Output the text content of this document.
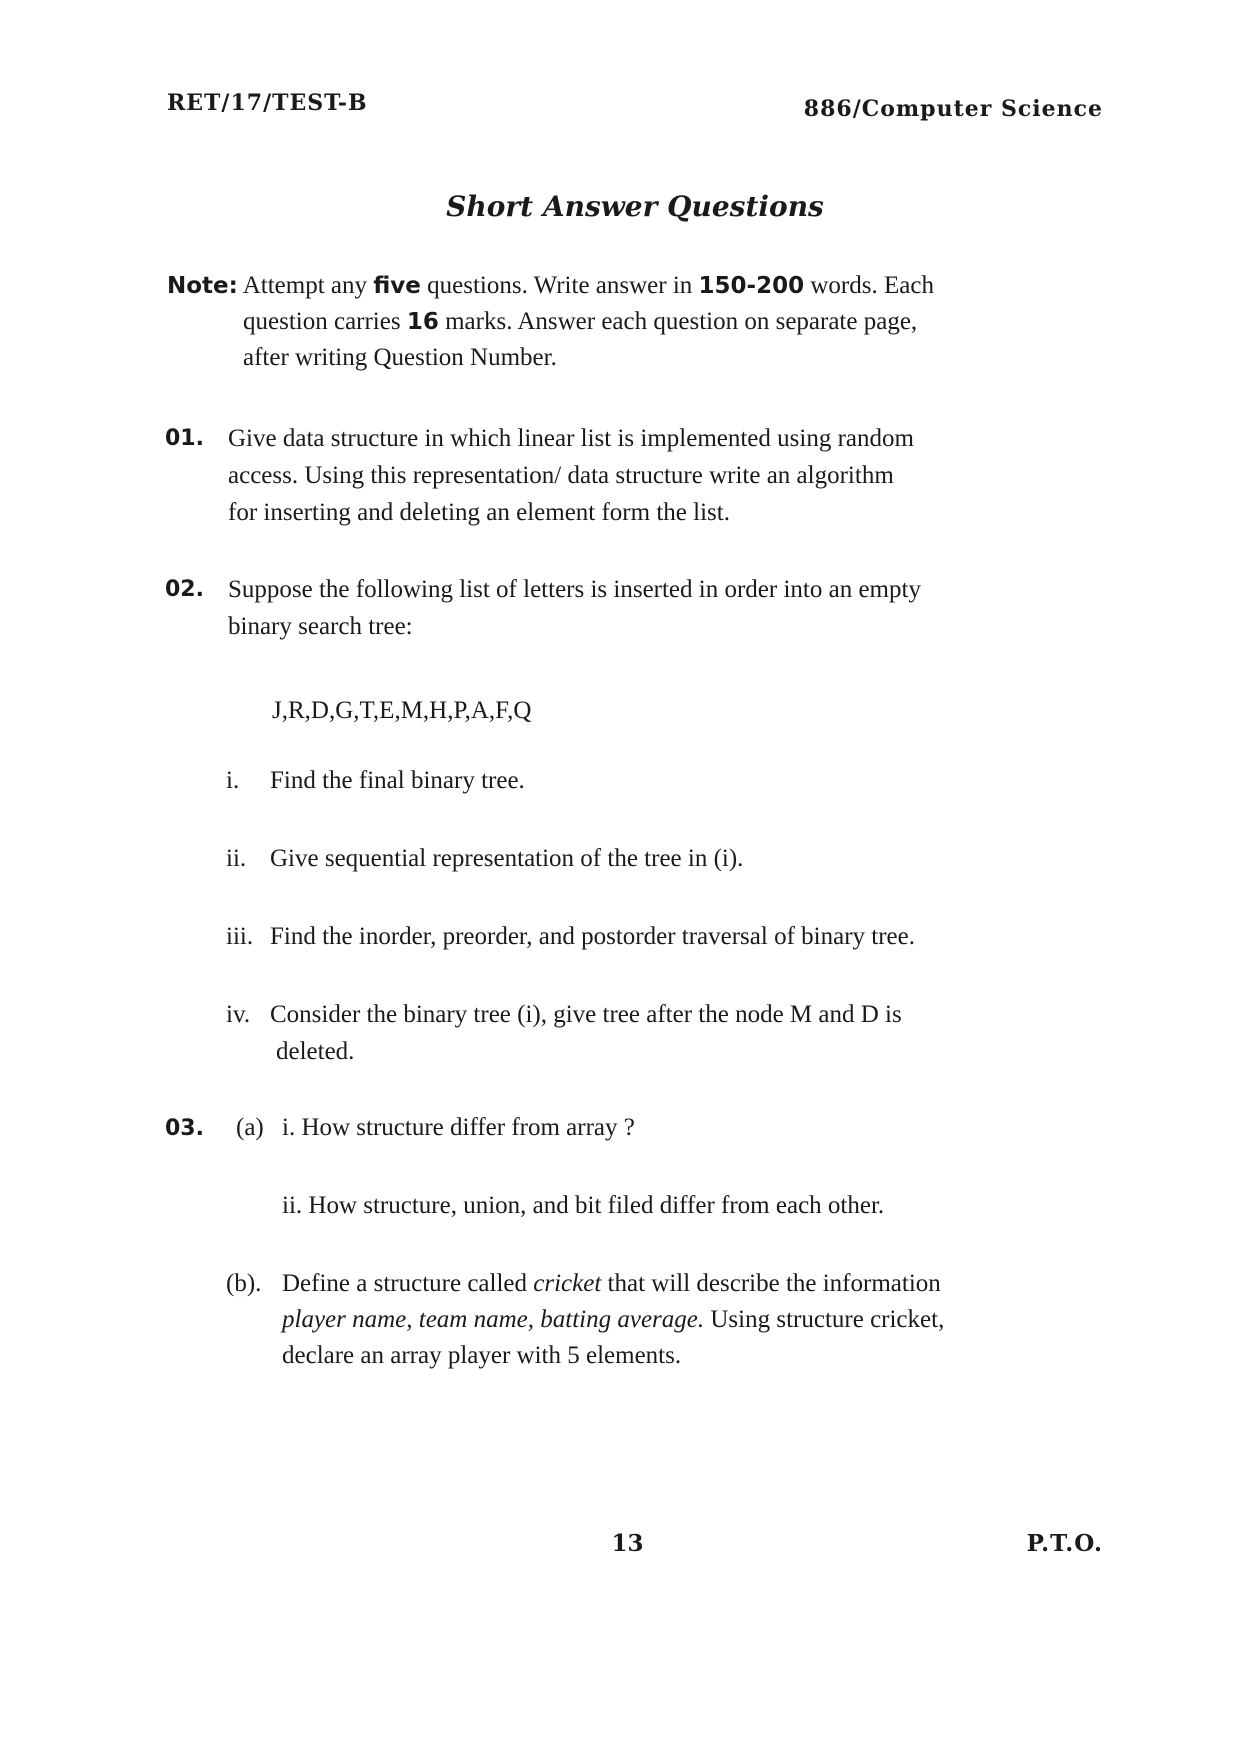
RET/17/TEST-B	886/Computer Science
Short Answer Questions
Note: Attempt any five questions. Write answer in 150-200 words. Each
question carries 16 marks. Answer each question on separate page,
after writing Question Number.
01. Give data structure in which linear list is implemented using random
access. Using this representation/ data structure write an algorithm
for inserting and deleting an element form the list.
02. Suppose the following list of letters is inserted in order into an empty
binary search tree:
J,R,D,G,T,E,M,H,P,A,F,Q
i. Find the final binary tree.
ii. Give sequential representation of the tree in (i).
iii. Find the inorder, preorder, and postorder traversal of binary tree.
iv. Consider the binary tree (i), give tree after the node M and D is
deleted.
03. (a) i. How structure differ from array ?
ii. How structure, union, and bit filed differ from each other.
(b). Define a structure called cricket that will describe the information
player name, team name, batting average. Using structure cricket,
declare an array player with 5 elements.
13	P.T.O.
